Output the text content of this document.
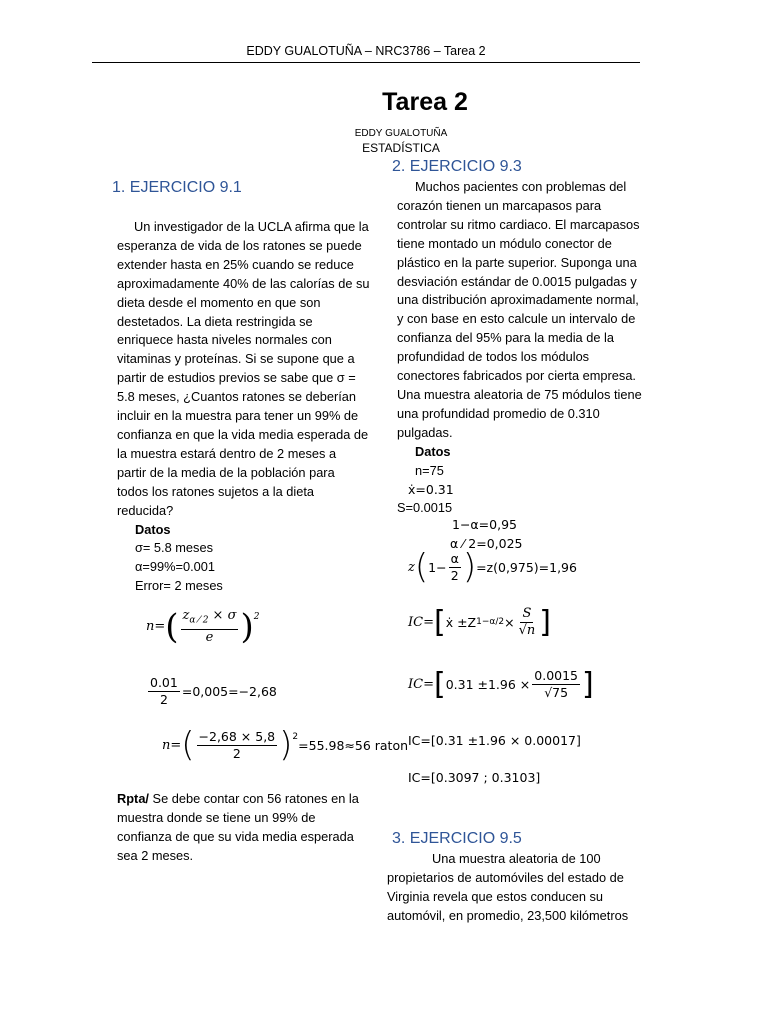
EDDY GUALOTUÑA – NRC3786 – Tarea 2
Tarea 2
EDDY GUALOTUÑA
ESTADÍSTICA
1. EJERCICIO 9.1
Un investigador de la UCLA afirma que la
esperanza de vida de los ratones se puede
extender hasta en 25% cuando se reduce
aproximadamente 40% de las calorías de su
dieta desde el momento en que son
destetados. La dieta restringida se
enriquece hasta niveles normales con
vitaminas y proteínas. Si se supone que a
partir de estudios previos se sabe que σ =
5.8 meses, ¿Cuantos ratones se deberían
incluir en la muestra para tener un 99% de
confianza en que la vida media esperada de
la muestra estará dentro de 2 meses a
partir de la media de la población para
todos los ratones sujetos a la dieta
reducida?
Datos
σ= 5.8 meses
α=99%=0.001
Error= 2 meses
n= ( $\frac{z_{\alpha ⁄ 2} \times \sigma}{e} )^2$
$\frac{0.01}{2} =0,005=-2,68$
n= ( $\frac{-2,68 \times 5,8}{2} )^2$
=55.98≈56 raton
Rpta/ Se debe contar con 56 ratones en la
muestra donde se tiene un 99% de
confianza de que su vida media esperada
sea 2 meses.
2. EJERCICIO 9.3
Muchos pacientes con problemas del
corazón tienen un marcapasos para
controlar su ritmo cardiaco. El marcapasos
tiene montado un módulo conector de
plástico en la parte superior. Suponga una
desviación estándar de 0.0015 pulgadas y
una distribución aproximadamente normal,
y con base en esto calcule un intervalo de
confianza del 95% para la media de la
profundidad de todos los módulos
conectores fabricados por cierta empresa.
Una muestra aleatoria de 75 módulos tiene
una profundidad promedio de 0.310
pulgadas.
Datos
n=75
ẋ=0.31
S=0.0015
1−α=0,95
α ⁄ 2=0,025
z ( $1- \frac{\alpha}{2}$ ) =z(0,975)=1,96
IC= [ ẋ ±Z $1-\alpha/2 \times \frac{S}{√n}$ ]
IC= [ $0.31 \pm 1.96 \times \frac{0.0015}{√75}$ ]
IC=[0.31 ±1.96 × 0.00017]
IC=[0.3097 ; 0.3103]
3. EJERCICIO 9.5
Una muestra aleatoria de 100
propietarios de automóviles del estado de
Virginia revela que estos conducen su
automóvil, en promedio, 23,500 kilómetros
